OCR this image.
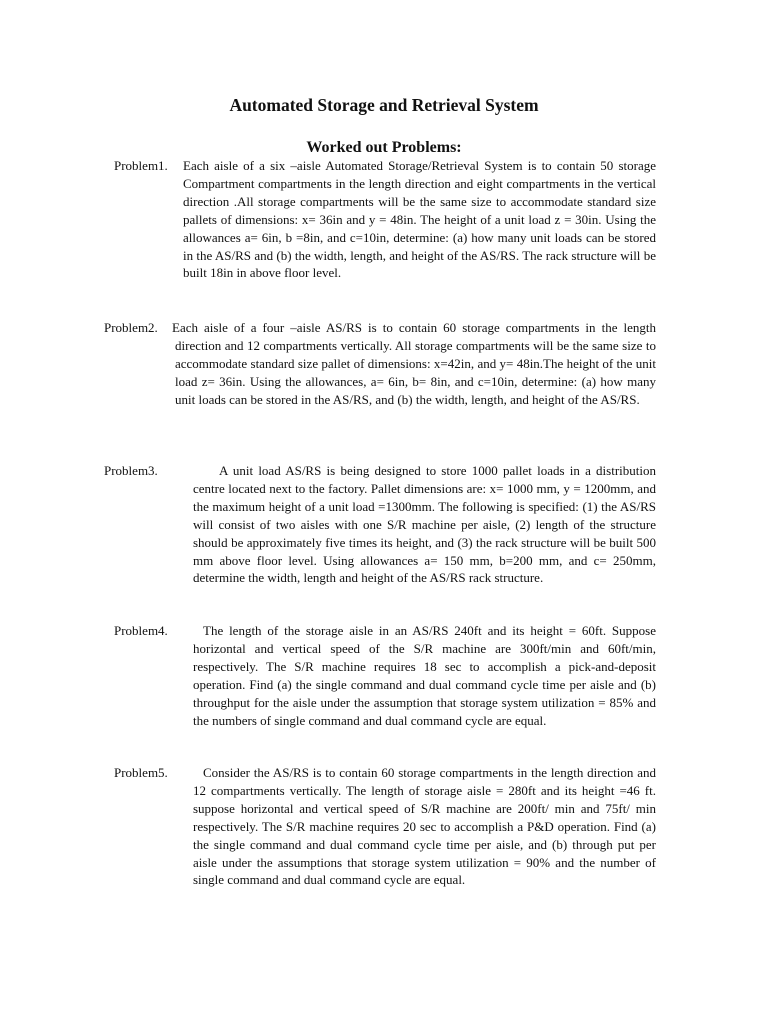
Automated Storage and Retrieval System
Worked out Problems:
Problem1. Each aisle of a six –aisle Automated Storage/Retrieval System is to contain 50 storage Compartment compartments in the length direction and eight compartments in the vertical direction .All storage compartments will be the same size to accommodate standard size pallets of dimensions: x= 36in and y = 48in. The height of a unit load z = 30in. Using the allowances a= 6in, b =8in, and c=10in, determine: (a) how many unit loads can be stored in the AS/RS and (b) the width, length, and height of the AS/RS. The rack structure will be built 18in in above floor level.

Problem2. Each aisle of a four –aisle AS/RS is to contain 60 storage compartments in the length direction and 12 compartments vertically. All storage compartments will be the same size to accommodate standard size pallet of dimensions: x=42in, and y= 48in.The height of the unit load z= 36in. Using the allowances, a= 6in, b= 8in, and c=10in, determine: (a) how many unit loads can be stored in the AS/RS, and (b) the width, length, and height of the AS/RS.

Problem3.	A unit load AS/RS is being designed to store 1000 pallet loads in a distribution centre located next to the factory. Pallet dimensions are: x= 1000 mm, y = 1200mm, and the maximum height of a unit load =1300mm. The following is specified: (1) the AS/RS will consist of two aisles with one S/R machine per aisle, (2) length of the structure should be approximately five times its height, and (3) the rack structure will be built 500 mm above floor level. Using allowances a= 150 mm, b=200 mm, and c= 250mm, determine the width, length and height of the AS/RS rack structure.

Problem4.	The length of the storage aisle in an AS/RS 240ft and its height = 60ft. Suppose horizontal and vertical speed of the S/R machine are 300ft/min and 60ft/min, respectively. The S/R machine requires 18 sec to accomplish a pick-and-deposit operation. Find (a) the single command and dual command cycle time per aisle and (b) throughput for the aisle under the assumption that storage system utilization = 85% and the numbers of single command and dual command cycle are equal.

Problem5.	Consider the AS/RS is to contain 60 storage compartments in the length direction and 12 compartments vertically. The length of storage aisle = 280ft and its height =46 ft. suppose horizontal and vertical speed of S/R machine are 200ft/ min and 75ft/ min respectively. The S/R machine requires 20 sec to accomplish a P&D operation. Find (a) the single command and dual command cycle time per aisle, and (b) through put per aisle under the assumptions that storage system utilization = 90% and the number of single command and dual command cycle are equal.
